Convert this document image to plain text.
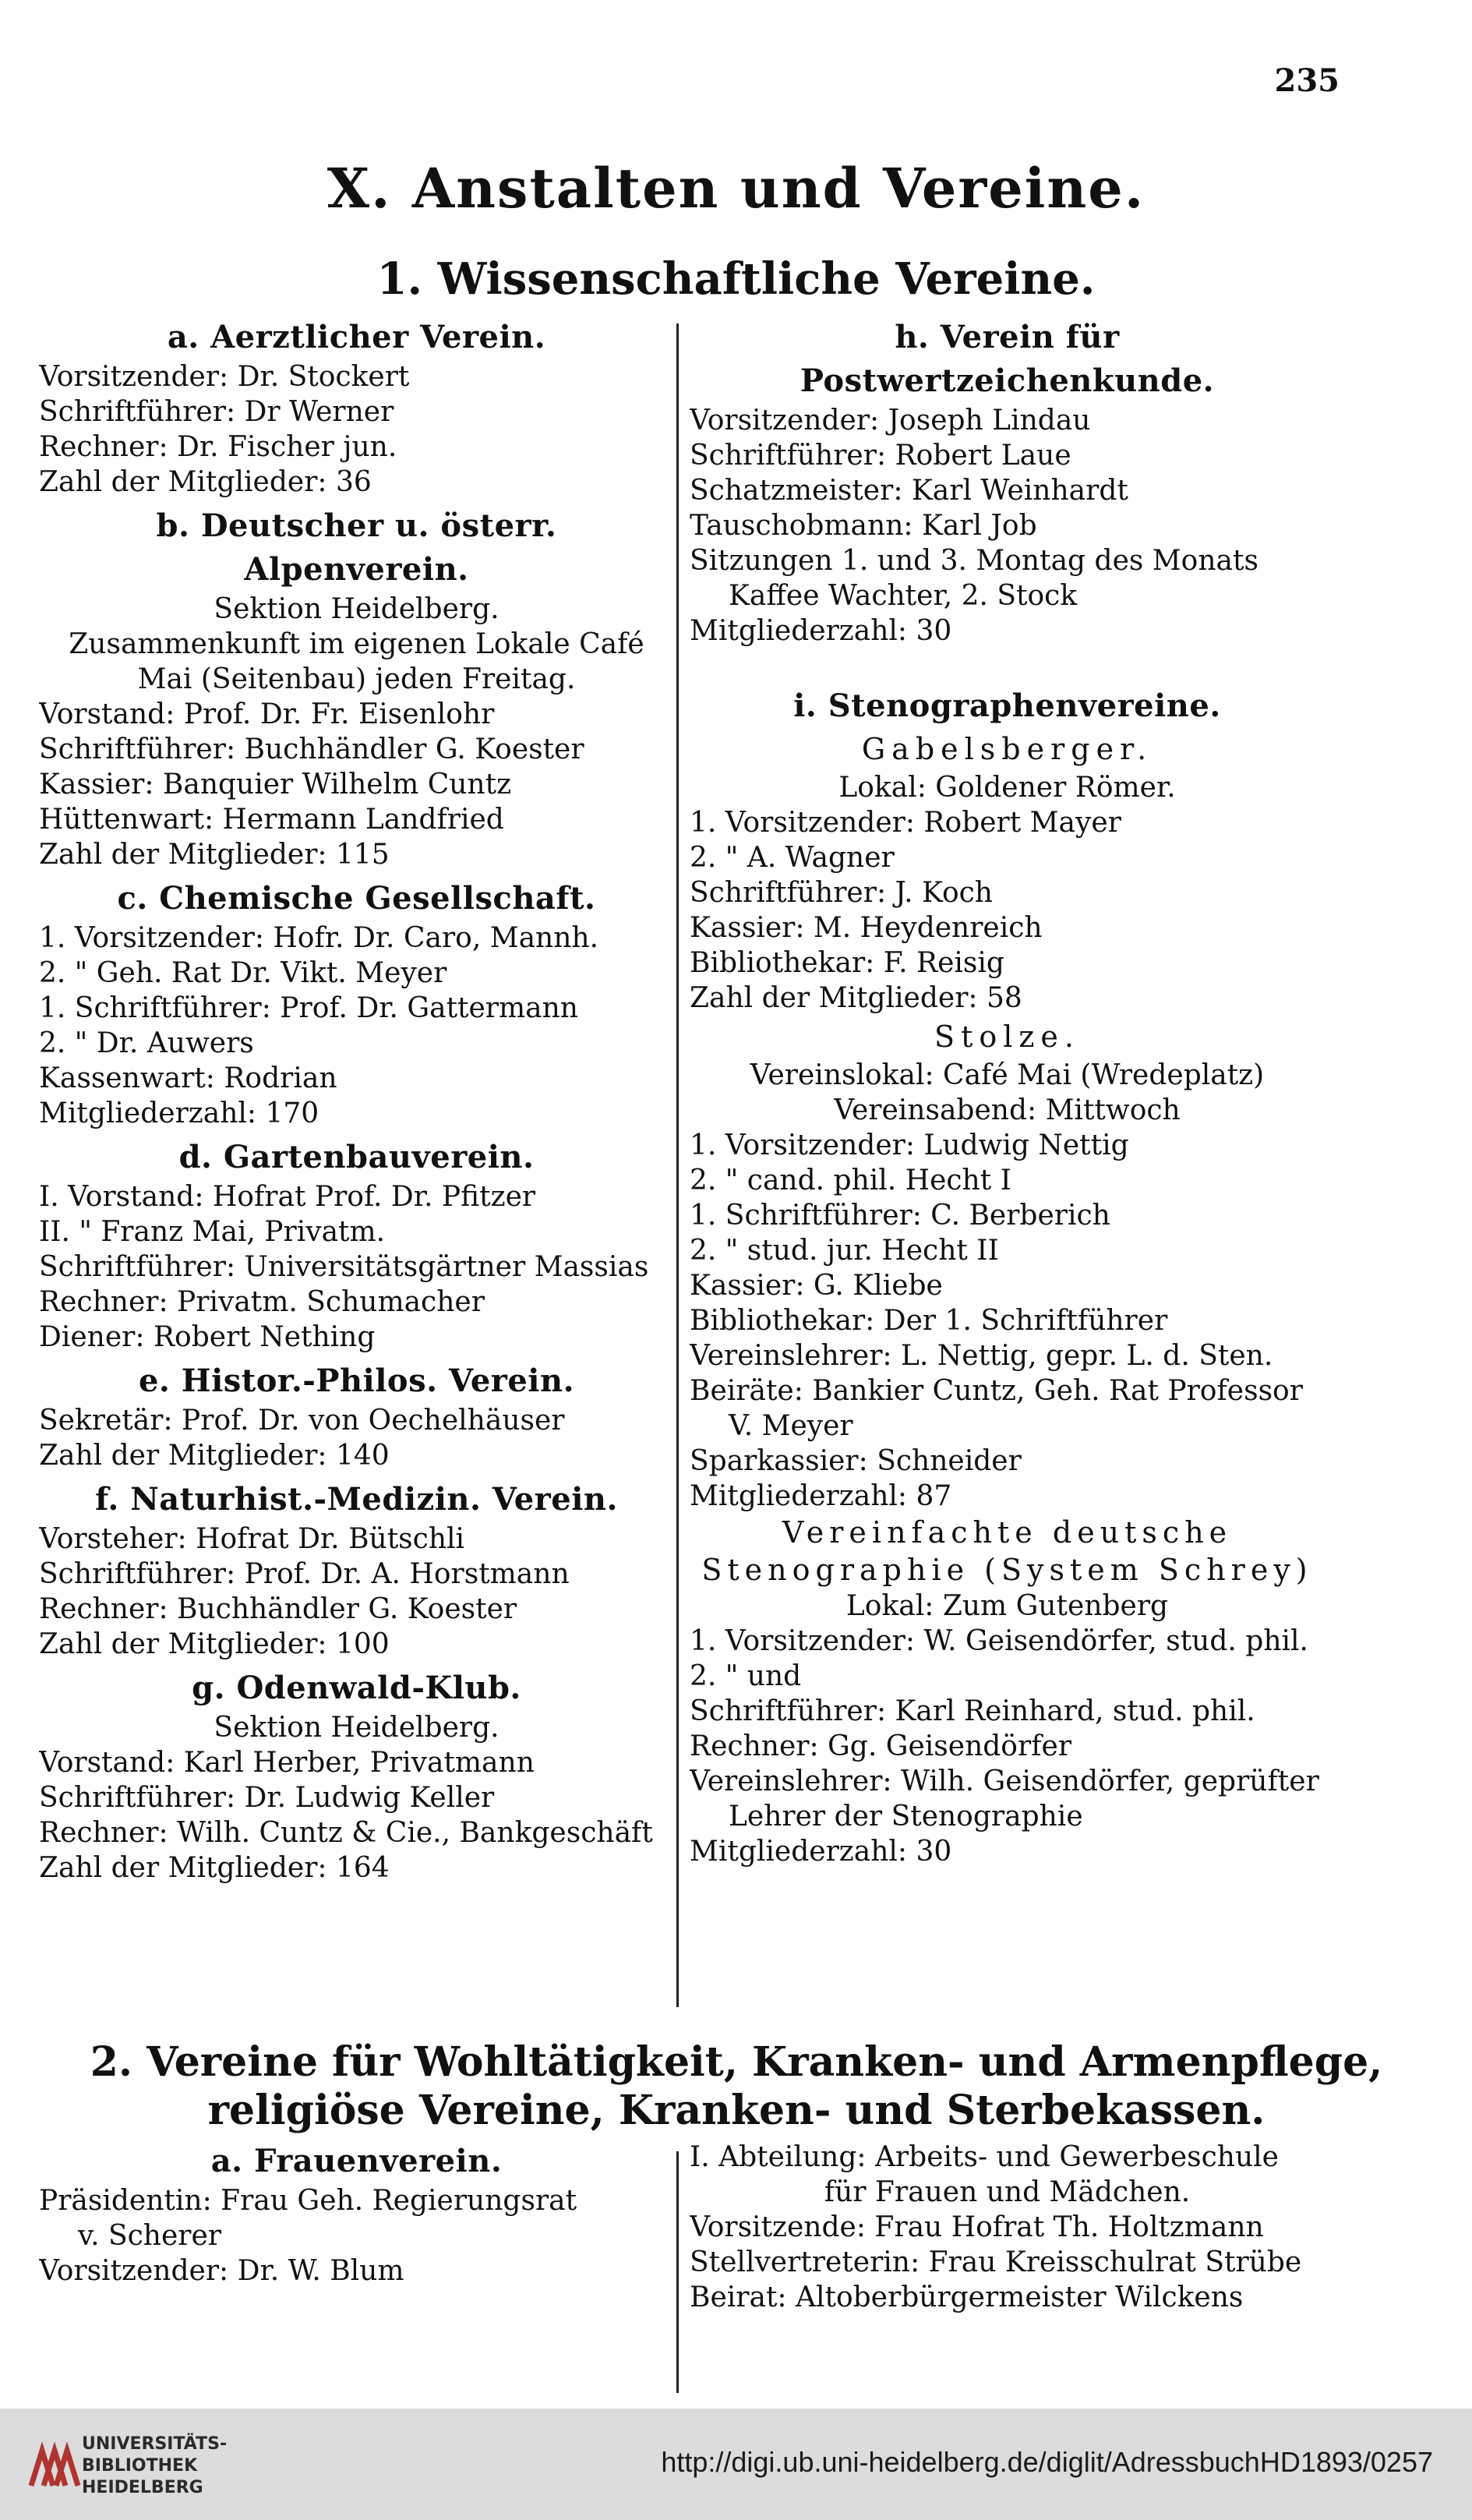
235
X. Anstalten und Vereine.
1. Wissenschaftliche Vereine.
a. Aerztlicher Verein.
Vorsitzender: Dr. Stockert
Schriftführer: Dr Werner
Rechner: Dr. Fischer jun.
Zahl der Mitglieder: 36
b. Deutscher u. österr. Alpenverein.
Sektion Heidelberg.
Zusammenkunft im eigenen Lokale Café Mai (Seitenbau) jeden Freitag.
Vorstand: Prof. Dr. Fr. Eisenlohr
Schriftführer: Buchhändler G. Koester
Kassier: Banquier Wilhelm Cuntz
Hüttenwart: Hermann Landfried
Zahl der Mitglieder: 115
c. Chemische Gesellschaft.
1. Vorsitzender: Hofr. Dr. Caro, Mannh.
2. " Geh. Rat Dr. Vikt. Meyer
1. Schriftführer: Prof. Dr. Gattermann
2. " Dr. Auwers
Kassenwart: Rodrian
Mitgliederzahl: 170
d. Gartenbauverein.
I. Vorstand: Hofrat Prof. Dr. Pfitzer
II. " Franz Mai, Privatm.
Schriftführer: Universitätsgärtner Massias
Rechner: Privatm. Schumacher
Diener: Robert Nething
e. Histor.-Philos. Verein.
Sekretär: Prof. Dr. von Oechelhäuser
Zahl der Mitglieder: 140
f. Naturhist.-Medizin. Verein.
Vorsteher: Hofrat Dr. Bütschli
Schriftführer: Prof. Dr. A. Horstmann
Rechner: Buchhändler G. Koester
Zahl der Mitglieder: 100
g. Odenwald-Klub.
Sektion Heidelberg.
Vorstand: Karl Herber, Privatmann
Schriftführer: Dr. Ludwig Keller
Rechner: Wilh. Cuntz & Cie., Bankgeschäft
Zahl der Mitglieder: 164
h. Verein für Postwertzeichenkunde.
Vorsitzender: Joseph Lindau
Schriftführer: Robert Laue
Schatzmeister: Karl Weinhardt
Tauschobmann: Karl Job
Sitzungen 1. und 3. Montag des Monats
Kaffee Wachter, 2. Stock
Mitgliederzahl: 30
i. Stenographenvereine.
Gabelsberger.
Lokal: Goldener Römer.
1. Vorsitzender: Robert Mayer
2. " A. Wagner
Schriftführer: J. Koch
Kassier: M. Heydenreich
Bibliothekar: F. Reisig
Zahl der Mitglieder: 58
Stolze.
Vereinslokal: Café Mai (Wredeplatz)
Vereinsabend: Mittwoch
1. Vorsitzender: Ludwig Nettig
2. " cand. phil. Hecht I
1. Schriftführer: C. Berberich
2. " stud. jur. Hecht II
Kassier: G. Kliebe
Bibliothekar: Der 1. Schriftführer
Vereinslehrer: L. Nettig, gepr. L. d. Sten.
Beiräte: Bankier Cuntz, Geh. Rat Professor
V. Meyer
Sparkassier: Schneider
Mitgliederzahl: 87
Vereinfachte deutsche Stenographie (System Schrey)
Lokal: Zum Gutenberg
1. Vorsitzender: W. Geisendörfer, stud. phil.
2. " und
Schriftführer: Karl Reinhard, stud. phil.
Rechner: Gg. Geisendörfer
Vereinslehrer: Wilh. Geisendörfer, geprüfter
Lehrer der Stenographie
Mitgliederzahl: 30
2. Vereine für Wohltätigkeit, Kranken- und Armenpflege, religiöse Vereine, Kranken- und Sterbekassen.
a. Frauenverein.
Präsidentin: Frau Geh. Regierungsrat
v. Scherer
Vorsitzender: Dr. W. Blum
I. Abteilung: Arbeits- und Gewerbeschule
für Frauen und Mädchen.
Vorsitzende: Frau Hofrat Th. Holtzmann
Stellvertreterin: Frau Kreisschulrat Strübe
Beirat: Altoberbürgermeister Wilckens
UNIVERSITÄTS-
BIBLIOTHEK
HEIDELBERG
http://digi.ub.uni-heidelberg.de/diglit/AdressbuchHD1893/0257
